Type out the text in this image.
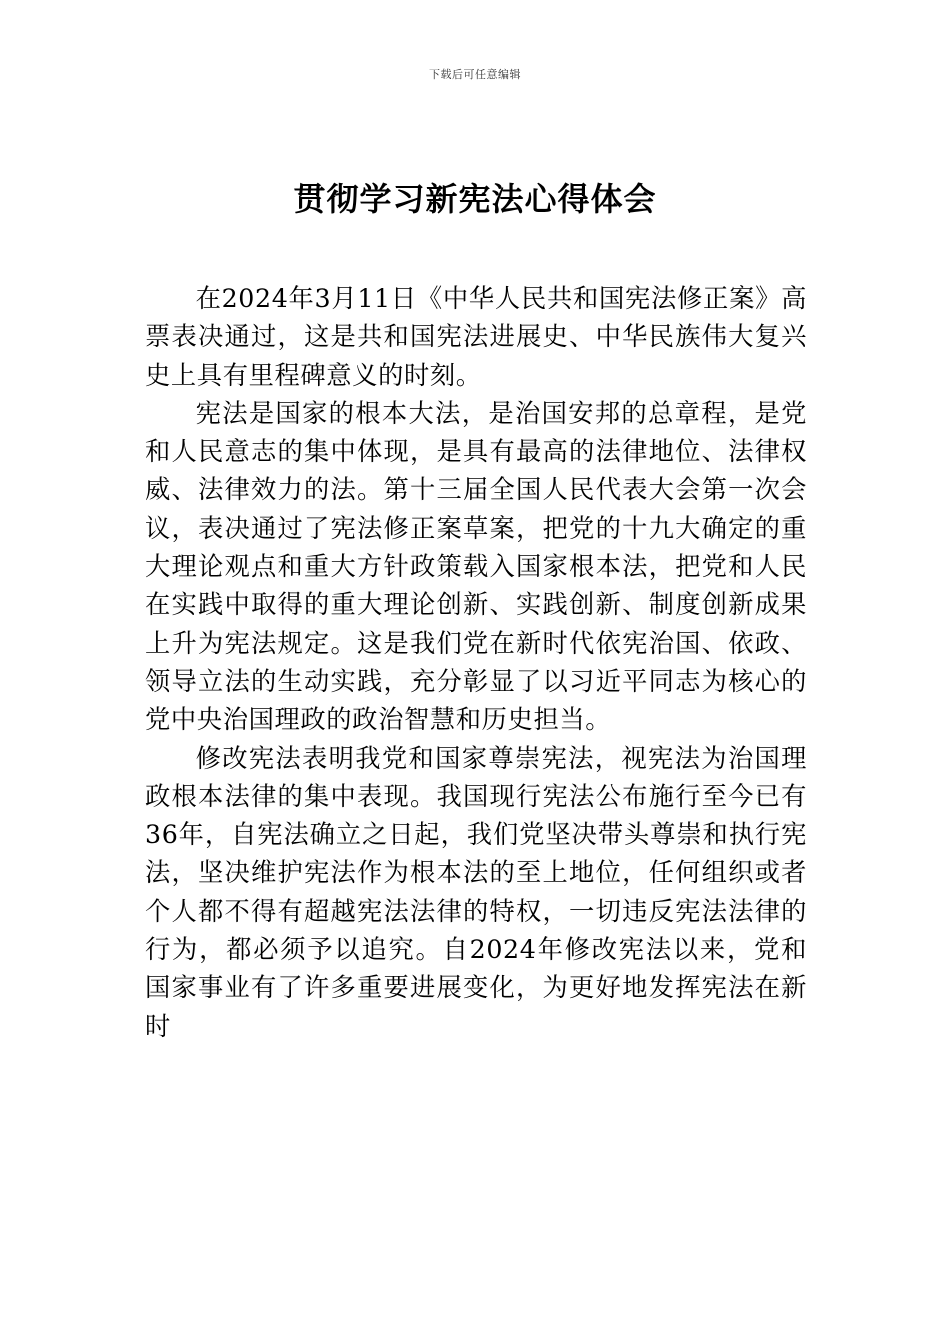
下载后可任意编辑
贯彻学习新宪法心得体会

在2024年3月11日《中华人民共和国宪法修正案》高票表决通过，这是共和国宪法进展史、中华民族伟大复兴史上具有里程碑意义的时刻。

宪法是国家的根本大法，是治国安邦的总章程，是党和人民意志的集中体现，是具有最高的法律地位、法律权威、法律效力的法。第十三届全国人民代表大会第一次会议，表决通过了宪法修正案草案，把党的十九大确定的重大理论观点和重大方针政策载入国家根本法，把党和人民在实践中取得的重大理论创新、实践创新、制度创新成果上升为宪法规定。这是我们党在新时代依宪治国、依政、领导立法的生动实践，充分彰显了以习近平同志为核心的党中央治国理政的政治智慧和历史担当。

修改宪法表明我党和国家尊崇宪法，视宪法为治国理政根本法律的集中表现。我国现行宪法公布施行至今已有36年，自宪法确立之日起，我们党坚决带头尊崇和执行宪法，坚决维护宪法作为根本法的至上地位，任何组织或者个人都不得有超越宪法法律的特权，一切违反宪法法律的行为，都必须予以追究。自2024年修改宪法以来，党和国家事业有了许多重要进展变化，为更好地发挥宪法在新时
